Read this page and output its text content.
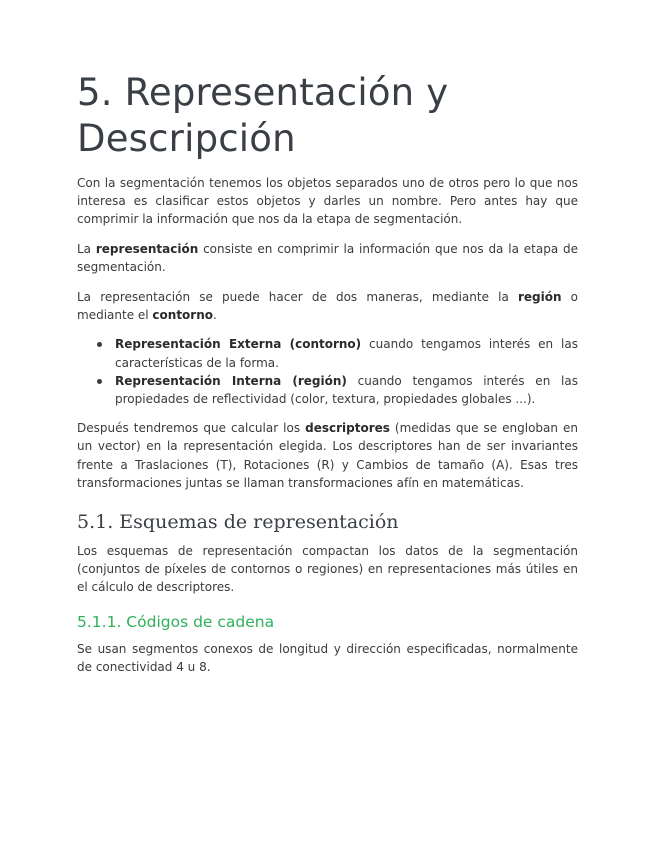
5. Representación y Descripción

Con la segmentación tenemos los objetos separados uno de otros pero lo que nos interesa es clasificar estos objetos y darles un nombre. Pero antes hay que comprimir la información que nos da la etapa de segmentación.

La representación consiste en comprimir la información que nos da la etapa de segmentación.

La representación se puede hacer de dos maneras, mediante la región o mediante el contorno.

Representación Externa (contorno) cuando tengamos interés en las características de la forma.
Representación Interna (región) cuando tengamos interés en las propiedades de reflectividad (color, textura, propiedades globales ...).

Después tendremos que calcular los descriptores (medidas que se engloban en un vector) en la representación elegida. Los descriptores han de ser invariantes frente a Traslaciones (T), Rotaciones (R) y Cambios de tamaño (A). Esas tres transformaciones juntas se llaman transformaciones afín en matemáticas.

5.1. Esquemas de representación

Los esquemas de representación compactan los datos de la segmentación (conjuntos de píxeles de contornos o regiones) en representaciones más útiles en el cálculo de descriptores.

5.1.1. Códigos de cadena

Se usan segmentos conexos de longitud y dirección especificadas, normalmente de conectividad 4 u 8.
